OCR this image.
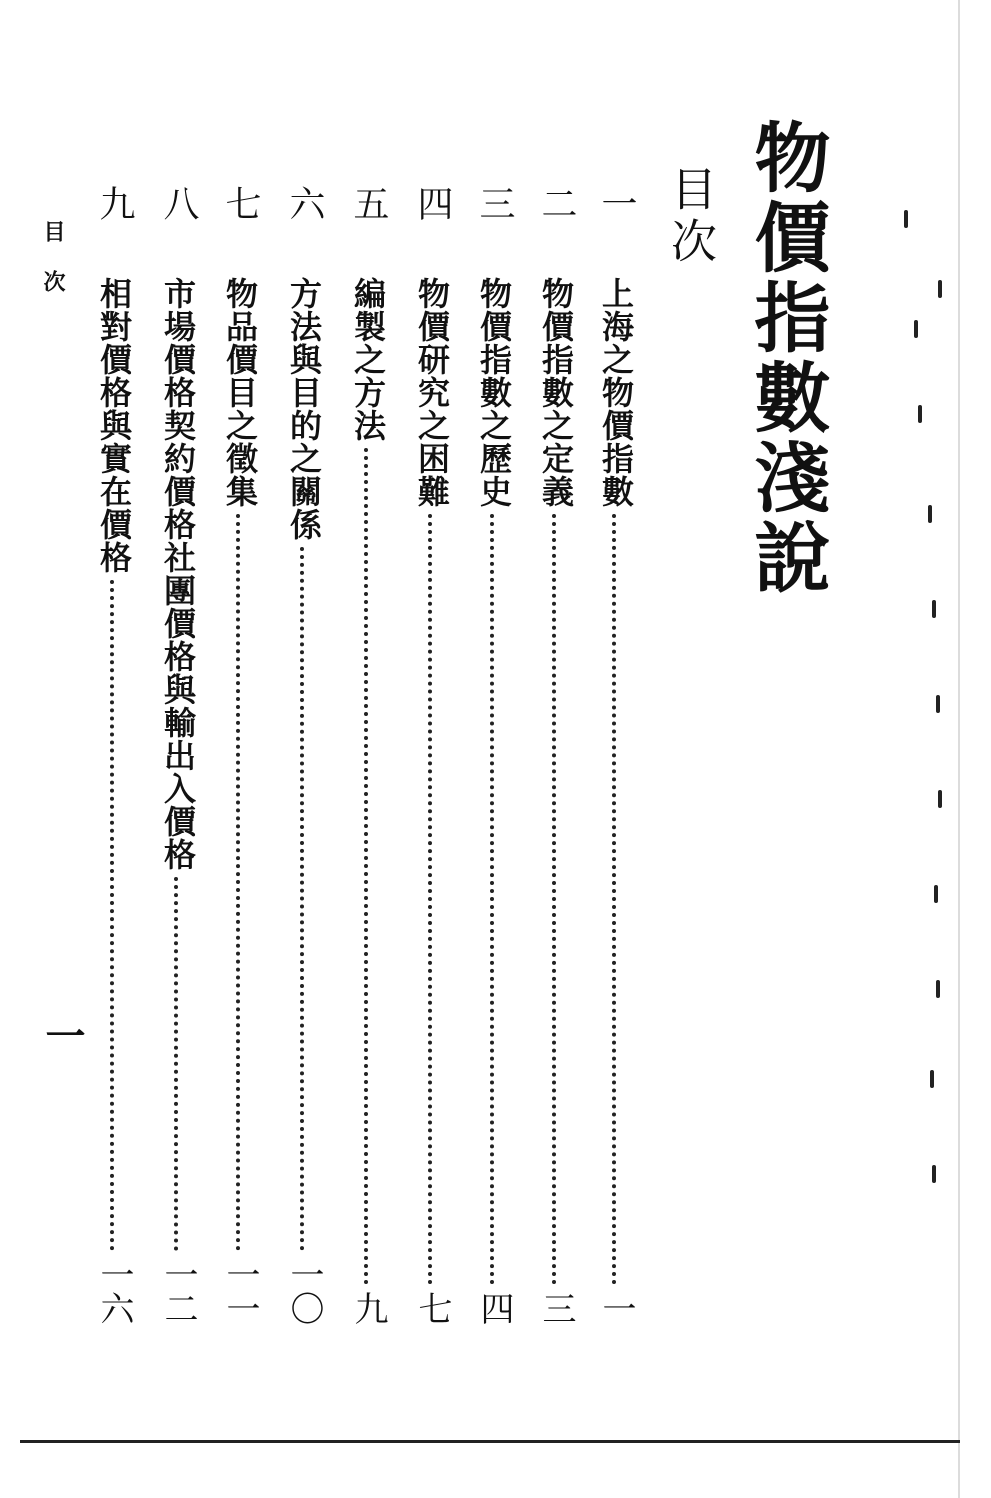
物價指數淺說
目次
一
上海之物價指數
一
二
物價指數之定義
三
三
物價指數之歷史
四
四
物價研究之困難
七
五
編製之方法
九
六
方法與目的之關係
一〇
七
物品價目之徵集
一一
八
市場價格契約價格社團價格與輸出入價格
一二
九
相對價格與實在價格
一六
目次
一
